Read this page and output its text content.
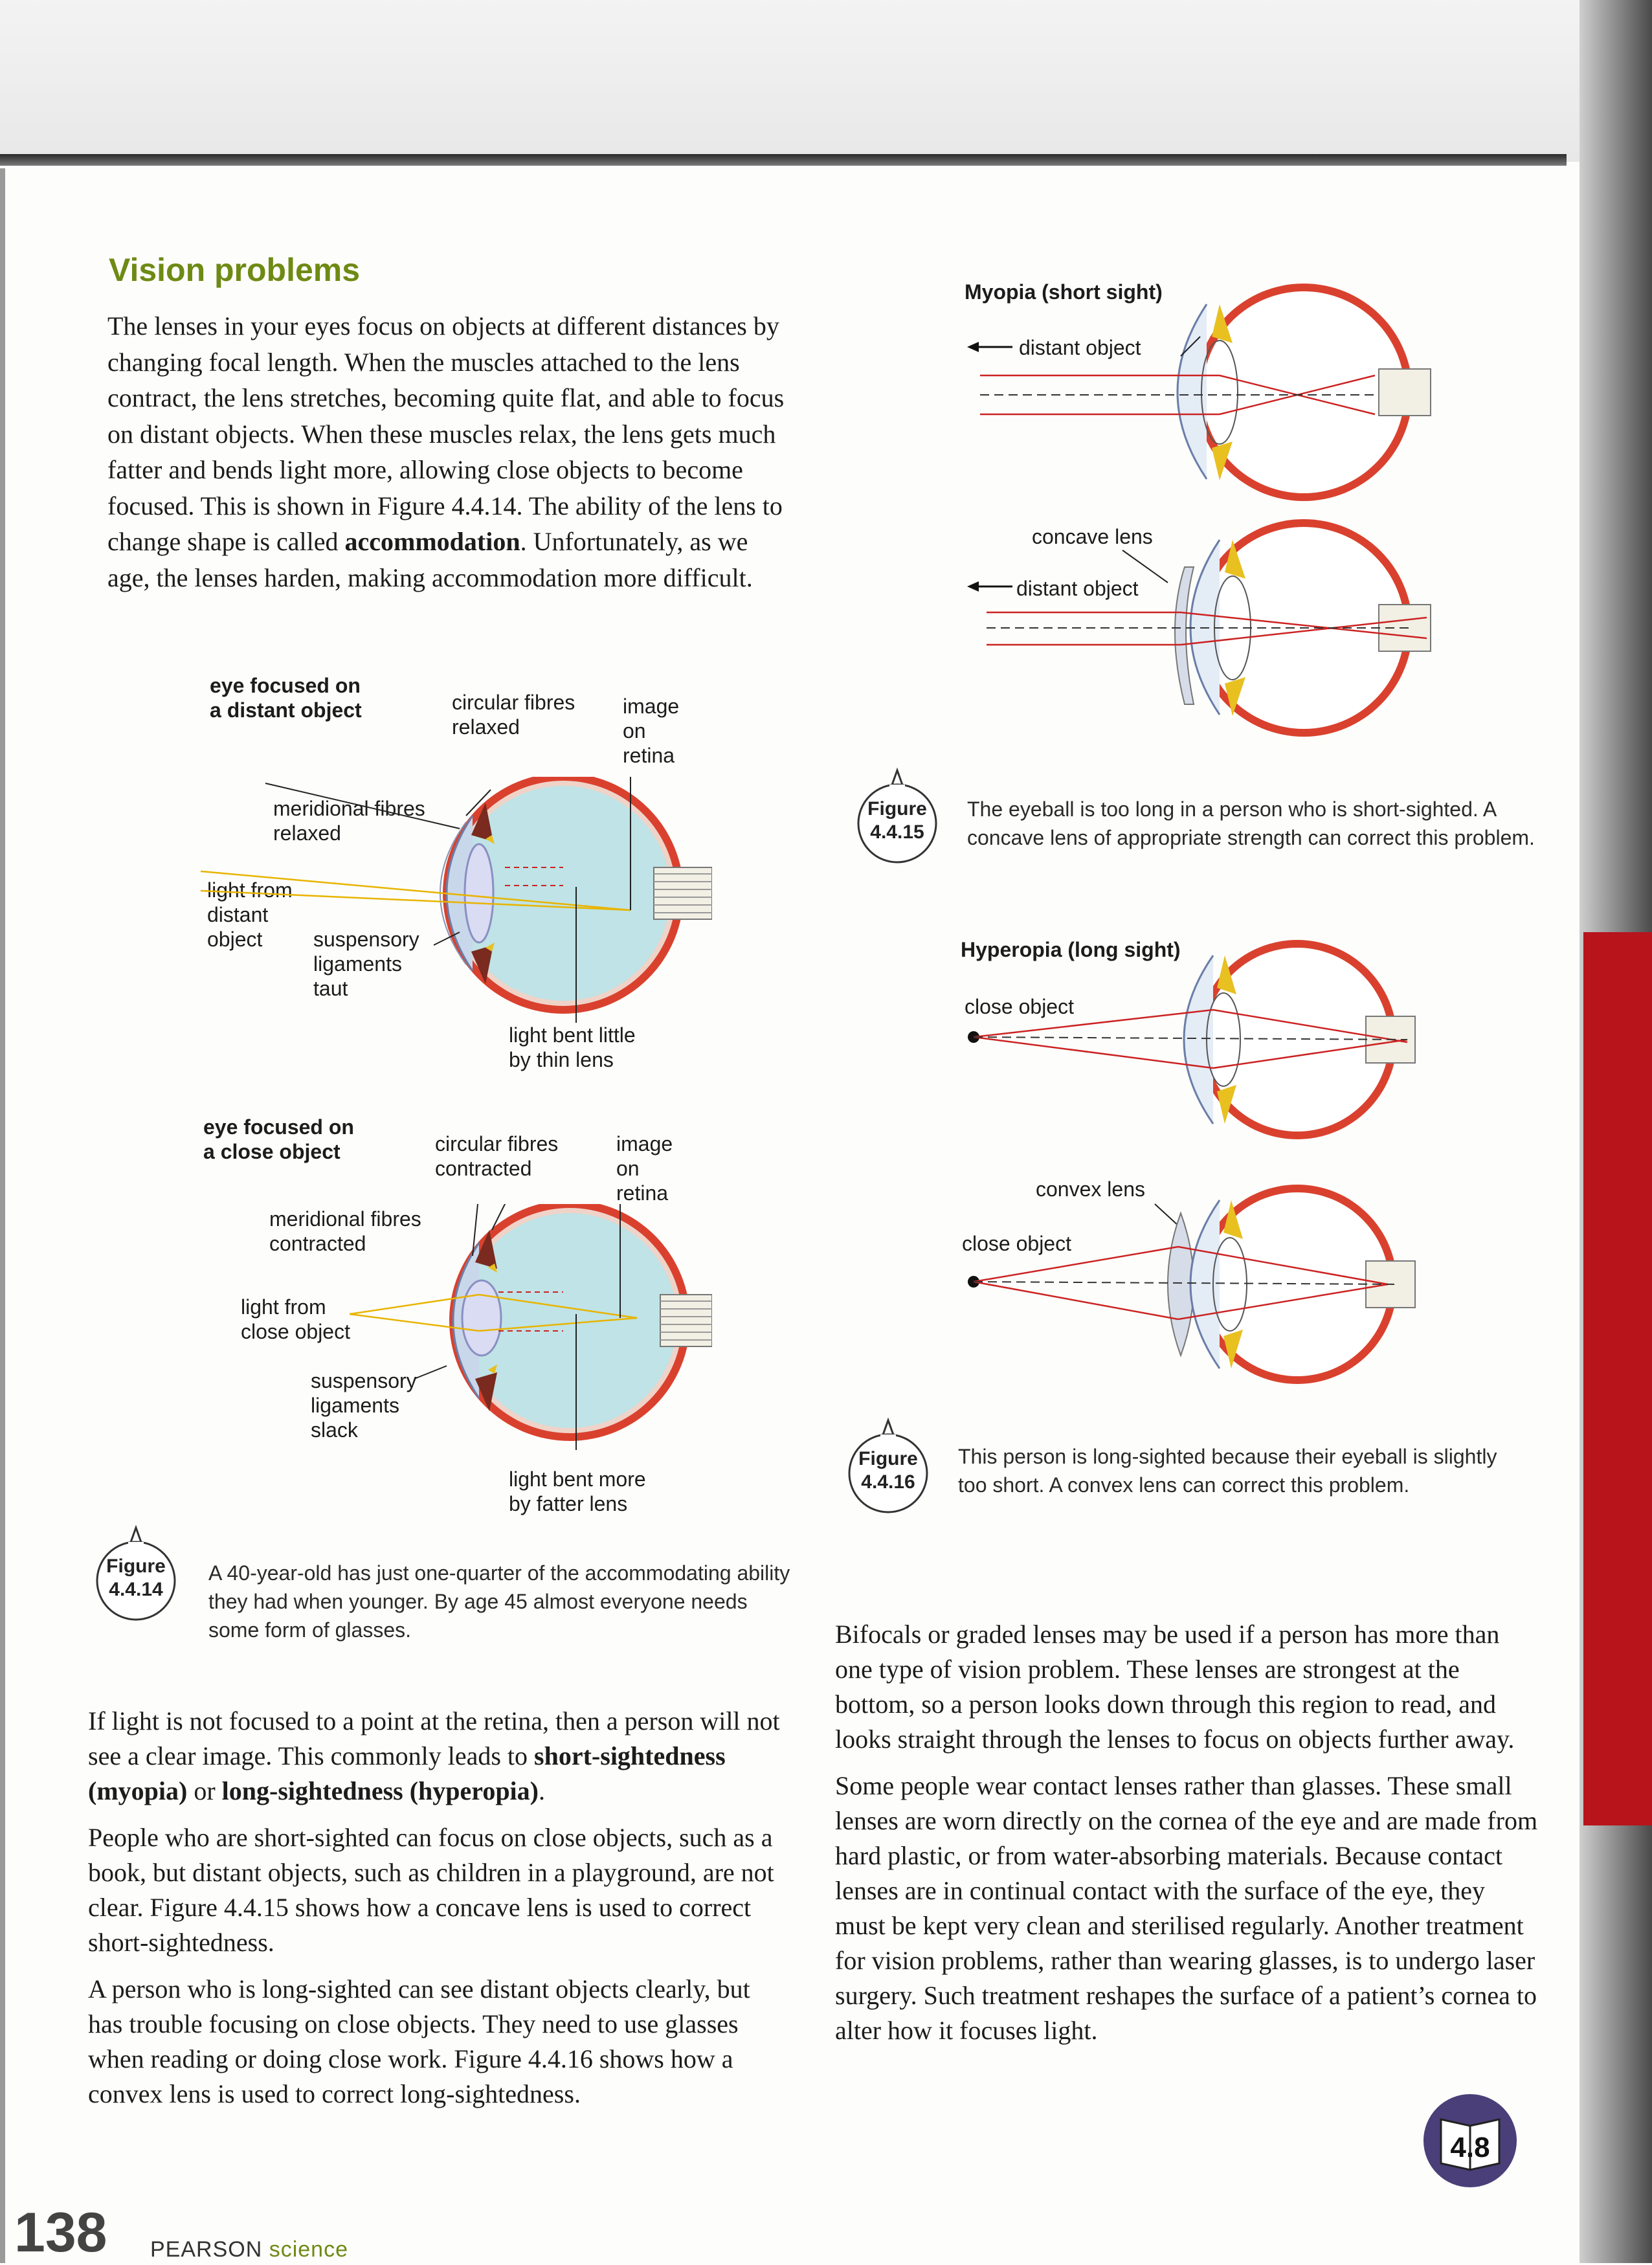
Vision problems
The lenses in your eyes focus on objects at different distances by changing focal length. When the muscles attached to the lens contract, the lens stretches, becoming quite flat, and able to focus on distant objects. When these muscles relax, the lens gets much fatter and bends light more, allowing close objects to become focused. This is shown in Figure 4.4.14. The ability of the lens to change shape is called accommodation. Unfortunately, as we age, the lenses harden, making accommodation more difficult.
eye focused on
a distant object	circular fibres
relaxed
image
on
retina
meridional fibres
relaxed
light from
distant
object	suspensory
ligaments
taut
light bent little
by thin lens
eye focused on
a close object	circular fibres
contracted
image
on
retina
meridional fibres
contracted
light from
close object
suspensory
ligaments
slack
light bent more
by fatter lens
Figure
4.4.14
A 40-year-old has just one-quarter of the accommodating ability they had when younger. By age 45 almost everyone needs some form of glasses.
Myopia (short sight)
distant object
concave lens
distant object
Figure
4.4.15
The eyeball is too long in a person who is short-sighted. A concave lens of appropriate strength can correct this problem.
Hyperopia (long sight)
close object
convex lens
close object
Figure
4.4.16
This person is long-sighted because their eyeball is slightly too short. A convex lens can correct this problem.

If light is not focused to a point at the retina, then a person will not see a clear image. This commonly leads to short-sightedness (myopia) or long-sightedness (hyperopia).

People who are short-sighted can focus on close objects, such as a book, but distant objects, such as children in a playground, are not clear. Figure 4.4.15 shows how a concave lens is used to correct short-sightedness.

A person who is long-sighted can see distant objects clearly, but has trouble focusing on close objects. They need to use glasses when reading or doing close work. Figure 4.4.16 shows how a convex lens is used to correct long-sightedness.

Bifocals or graded lenses may be used if a person has more than one type of vision problem. These lenses are strongest at the bottom, so a person looks down through this region to read, and looks straight through the lenses to focus on objects further away.

Some people wear contact lenses rather than glasses. These small lenses are worn directly on the cornea of the eye and are made from hard plastic, or from water-absorbing materials. Because contact lenses are in continual contact with the surface of the eye, they must be kept very clean and sterilised regularly. Another treatment for vision problems, rather than wearing glasses, is to undergo laser surgery. Such treatment reshapes the surface of a patient’s cornea to alter how it focuses light.

4.8
138 PEARSON science
